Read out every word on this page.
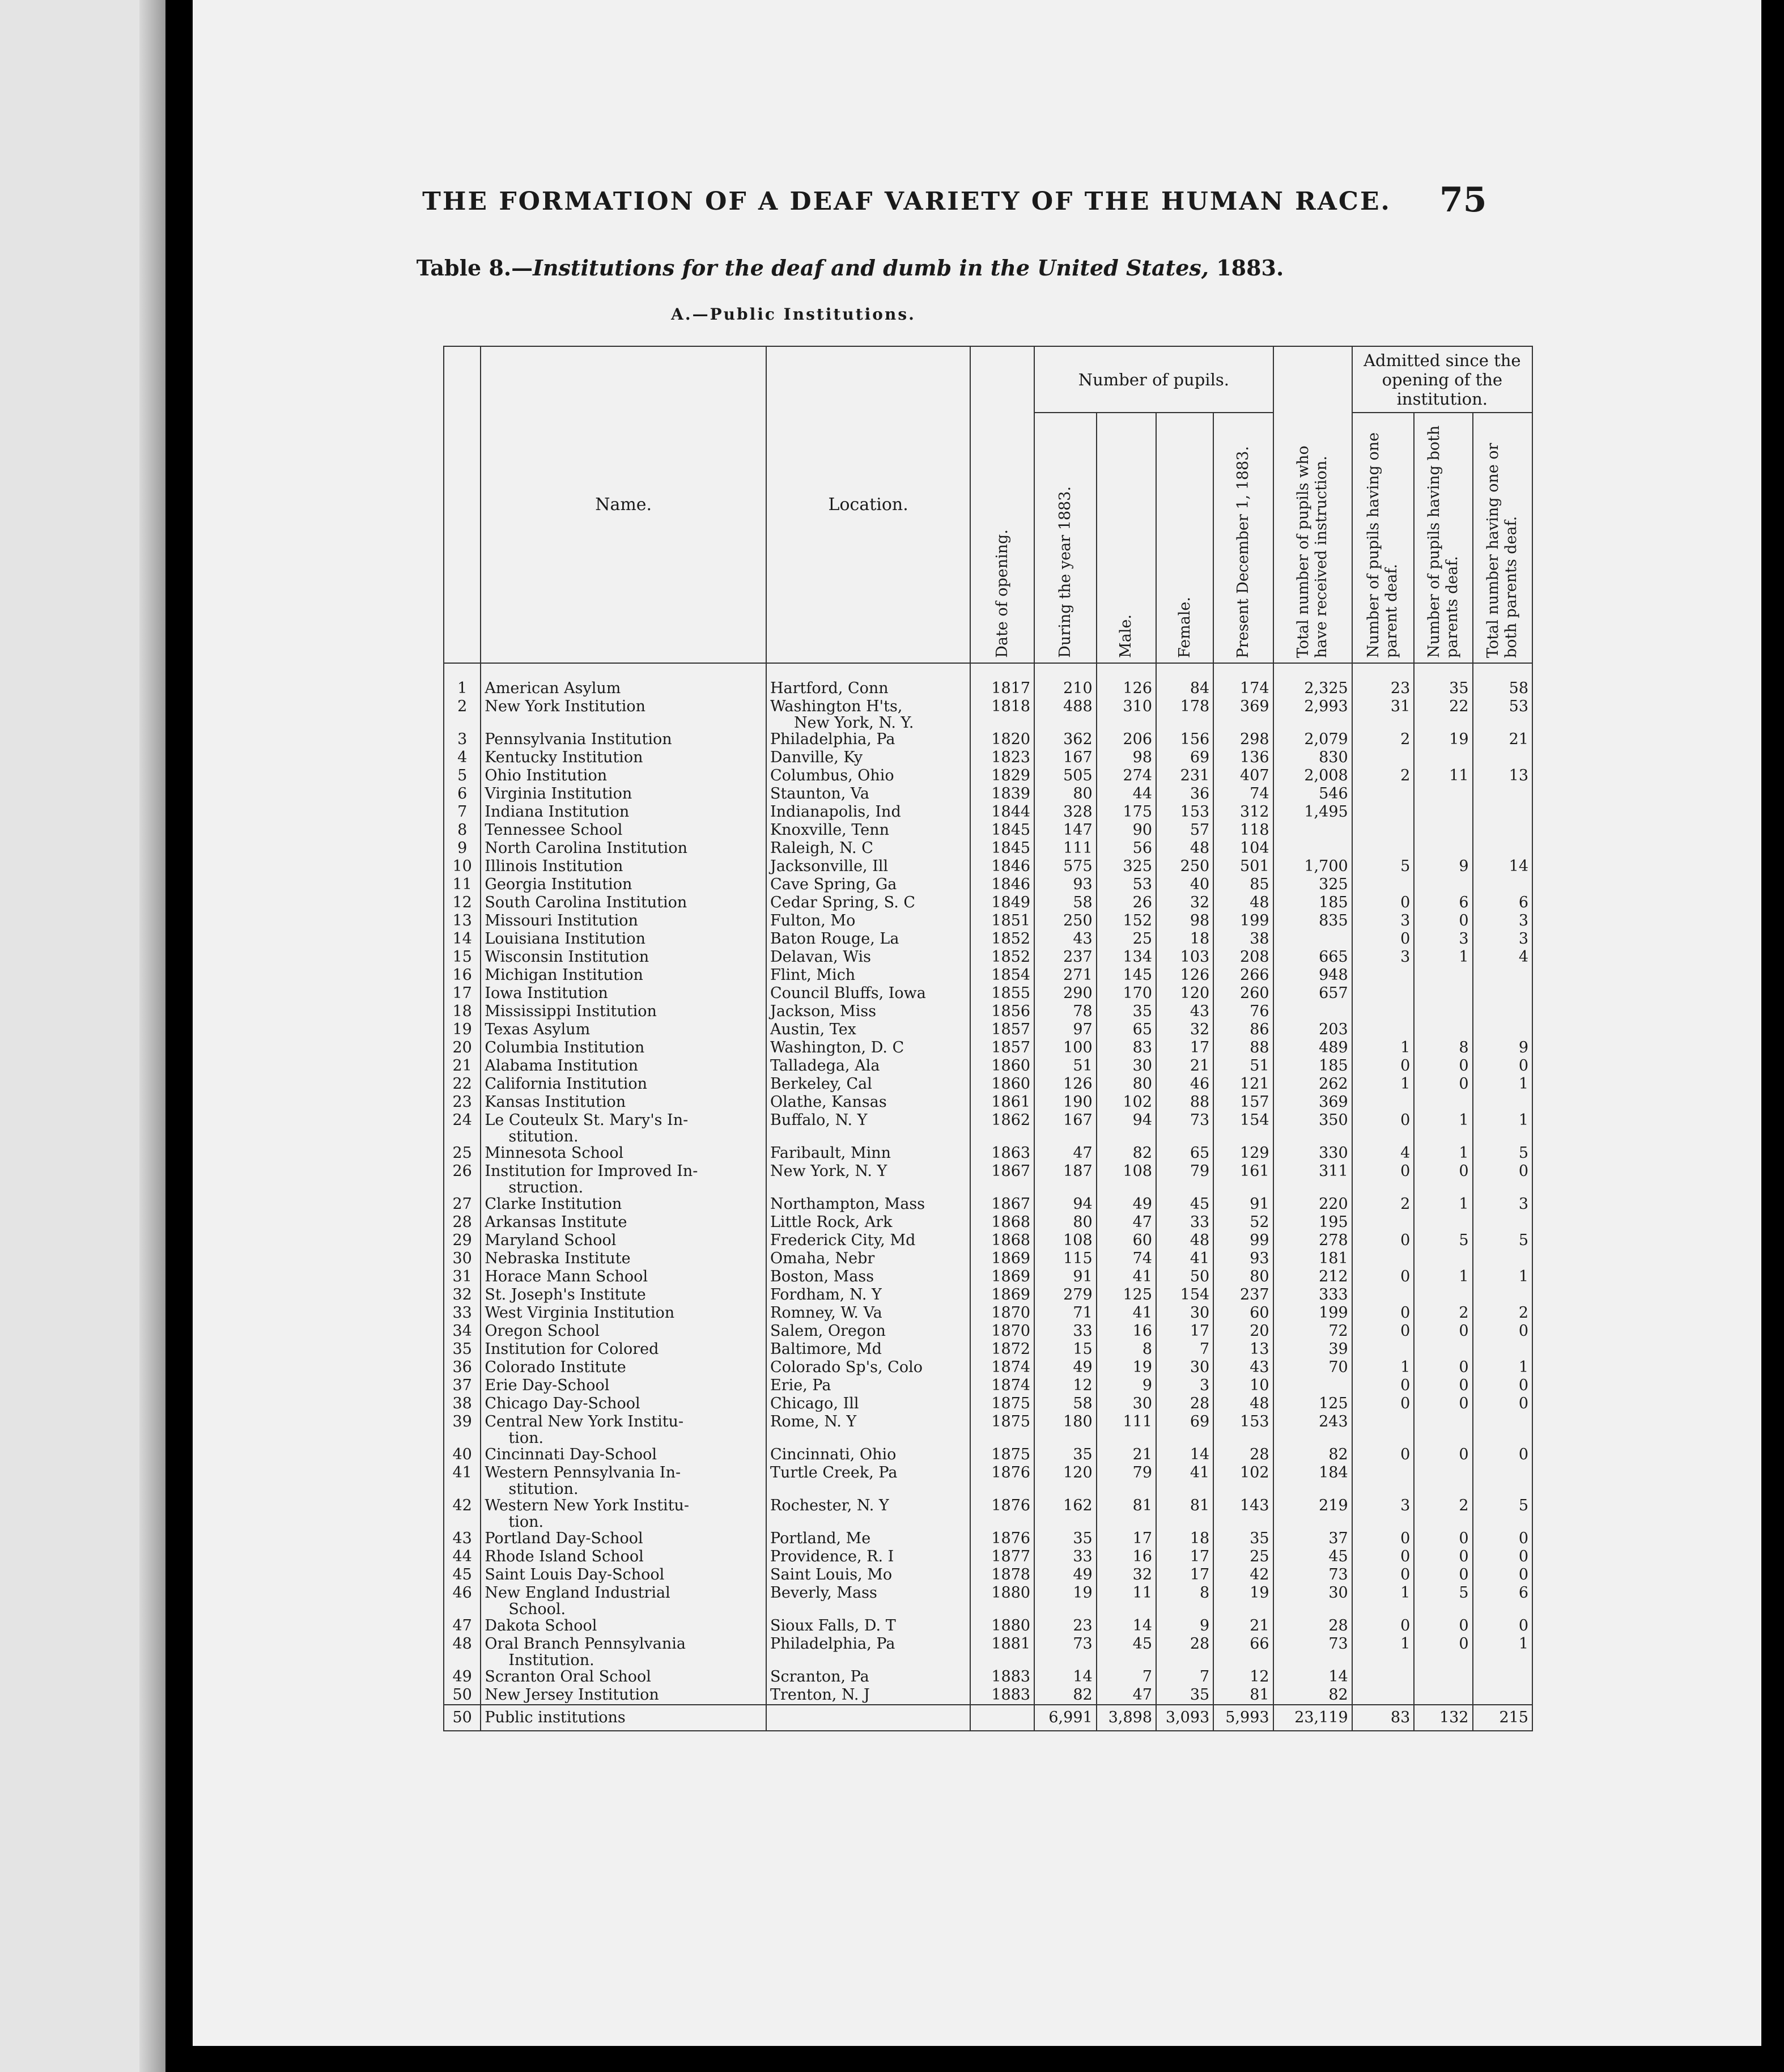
THE FORMATION OF A DEAF VARIETY OF THE HUMAN RACE.	75
Table 8.—Institutions for the deaf and dumb in the United States, 1883.
A.—Public Institutions.
	Name.	Location.	Date of opening.	Number of pupils.				Total number of pupils who have received instruction.	Admitted since the opening of the institution.		
				During the year 1883.	Male.	Female.	Present December 1, 1883.		Number of pupils having one parent deaf.	Number of pupils having both parents deaf.	Total number having one or both parents deaf.
1	American Asylum	Hartford, Conn	1817	210	126	84	174	2,325	23	35	58
2	New York Institution	Washington H'ts,	1818	488	310	178	369	2,993	31	22	53
		New York, N. Y.									
3	Pennsylvania Institution	Philadelphia, Pa	1820	362	206	156	298	2,079	2	19	21
4	Kentucky Institution	Danville, Ky	1823	167	98	69	136	830			
5	Ohio Institution	Columbus, Ohio	1829	505	274	231	407	2,008	2	11	13
6	Virginia Institution	Staunton, Va	1839	80	44	36	74	546			
7	Indiana Institution	Indianapolis, Ind	1844	328	175	153	312	1,495			
8	Tennessee School	Knoxville, Tenn	1845	147	90	57	118				
9	North Carolina Institution	Raleigh, N. C	1845	111	56	48	104				
10	Illinois Institution	Jacksonville, Ill	1846	575	325	250	501	1,700	5	9	14
11	Georgia Institution	Cave Spring, Ga	1846	93	53	40	85	325			
12	South Carolina Institution	Cedar Spring, S. C	1849	58	26	32	48	185	0	6	6
13	Missouri Institution	Fulton, Mo	1851	250	152	98	199	835	3	0	3
14	Louisiana Institution	Baton Rouge, La	1852	43	25	18	38		0	3	3
15	Wisconsin Institution	Delavan, Wis	1852	237	134	103	208	665	3	1	4
16	Michigan Institution	Flint, Mich	1854	271	145	126	266	948			
17	Iowa Institution	Council Bluffs, Iowa	1855	290	170	120	260	657			
18	Mississippi Institution	Jackson, Miss	1856	78	35	43	76				
19	Texas Asylum	Austin, Tex	1857	97	65	32	86	203			
20	Columbia Institution	Washington, D. C	1857	100	83	17	88	489	1	8	9
21	Alabama Institution	Talladega, Ala	1860	51	30	21	51	185	0	0	0
22	California Institution	Berkeley, Cal	1860	126	80	46	121	262	1	0	1
23	Kansas Institution	Olathe, Kansas	1861	190	102	88	157	369			
24	Le Couteulx St. Mary's In-	Buffalo, N. Y	1862	167	94	73	154	350	0	1	1
	stitution.										
25	Minnesota School	Faribault, Minn	1863	47	82	65	129	330	4	1	5
26	Institution for Improved In-	New York, N. Y	1867	187	108	79	161	311	0	0	0
	struction.										
27	Clarke Institution	Northampton, Mass	1867	94	49	45	91	220	2	1	3
28	Arkansas Institute	Little Rock, Ark	1868	80	47	33	52	195			
29	Maryland School	Frederick City, Md	1868	108	60	48	99	278	0	5	5
30	Nebraska Institute	Omaha, Nebr	1869	115	74	41	93	181			
31	Horace Mann School	Boston, Mass	1869	91	41	50	80	212	0	1	1
32	St. Joseph's Institute	Fordham, N. Y	1869	279	125	154	237	333			
33	West Virginia Institution	Romney, W. Va	1870	71	41	30	60	199	0	2	2
34	Oregon School	Salem, Oregon	1870	33	16	17	20	72	0	0	0
35	Institution for Colored	Baltimore, Md	1872	15	8	7	13	39			
36	Colorado Institute	Colorado Sp's, Colo	1874	49	19	30	43	70	1	0	1
37	Erie Day-School	Erie, Pa	1874	12	9	3	10		0	0	0
38	Chicago Day-School	Chicago, Ill	1875	58	30	28	48	125	0	0	0
39	Central New York Institu-	Rome, N. Y	1875	180	111	69	153	243			
	tion.										
40	Cincinnati Day-School	Cincinnati, Ohio	1875	35	21	14	28	82	0	0	0
41	Western Pennsylvania In-	Turtle Creek, Pa	1876	120	79	41	102	184			
	stitution.										
42	Western New York Institu-	Rochester, N. Y	1876	162	81	81	143	219	3	2	5
	tion.										
43	Portland Day-School	Portland, Me	1876	35	17	18	35	37	0	0	0
44	Rhode Island School	Providence, R. I	1877	33	16	17	25	45	0	0	0
45	Saint Louis Day-School	Saint Louis, Mo	1878	49	32	17	42	73	0	0	0
46	New England Industrial	Beverly, Mass	1880	19	11	8	19	30	1	5	6
	School.										
47	Dakota School	Sioux Falls, D. T	1880	23	14	9	21	28	0	0	0
48	Oral Branch Pennsylvania	Philadelphia, Pa	1881	73	45	28	66	73	1	0	1
	Institution.										
49	Scranton Oral School	Scranton, Pa	1883	14	7	7	12	14			
50	New Jersey Institution	Trenton, N. J	1883	82	47	35	81	82			
50	Public institutions			6,991	3,898	3,093	5,993	23,119	83	132	215
